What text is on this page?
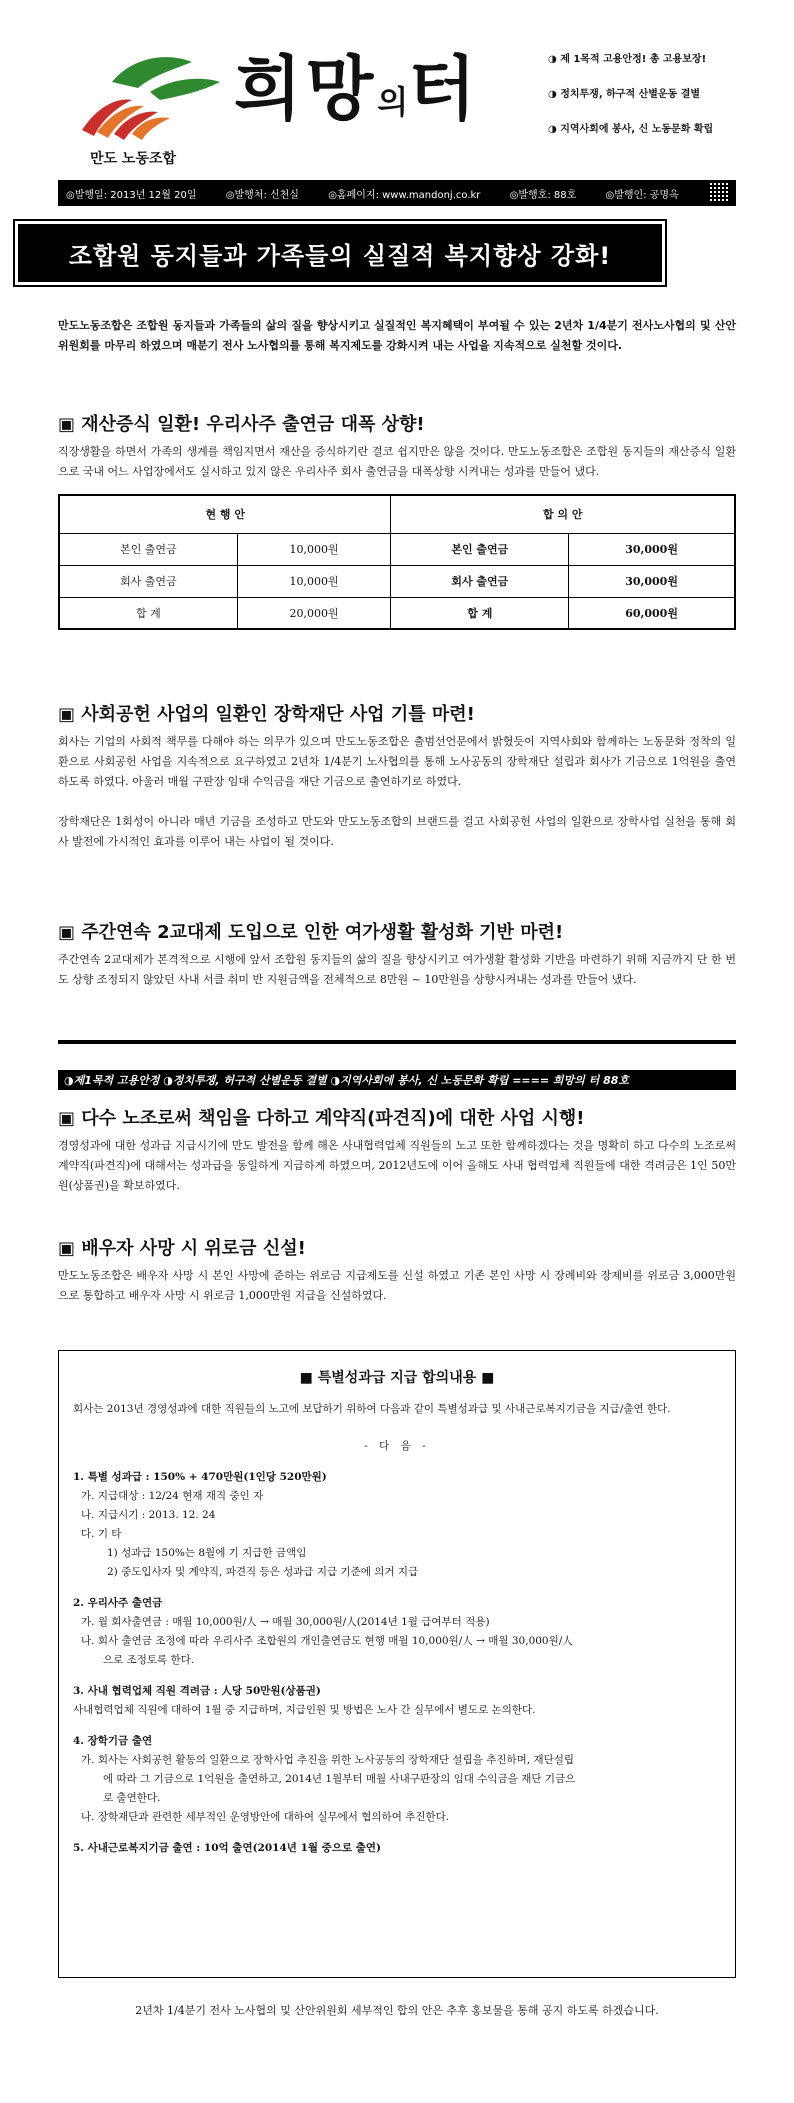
만도 노동조합
희망의터	◑ 제 1목적 고용안정! 총 고용보장!
◑ 정치투쟁, 하구적 산별운동 결별
◑ 지역사회에 봉사, 신 노동문화 확립
◎발행일: 2013년 12월 20일	◎발행처: 신천실	◎홈페이지: www.mandonj.co.kr	◎발행호: 88호	◎발행인: 공명옥
조합원 동지들과 가족들의 실질적 복지향상 강화!
만도노동조합은 조합원 동지들과 가족들의 삶의 질을 향상시키고 실질적인 복지혜택이 부여될 수 있는 2년차 1/4분기 전사노사협의 및 산안위원회를 마무리 하였으며 매분기 전사 노사협의를 통해 복지제도를 강화시켜 내는 사업을 지속적으로 실천할 것이다.
▣ 재산증식 일환! 우리사주 출연금 대폭 상향!
직장생활을 하면서 가족의 생계를 책임지면서 재산을 증식하기란 결코 쉽지만은 않을 것이다. 만도노동조합은 조합원 동지들의 재산증식 일환으로 국내 어느 사업장에서도 실시하고 있지 않은 우리사주 회사 출연금을 대폭상향 시켜내는 성과를 만들어 냈다.
현 행 안		합 의 안	
본인 출연금	10,000원	본인 출연금	30,000원
회사 출연금	10,000원	회사 출연금	30,000원
합 계	20,000원	합 계	60,000원
▣ 사회공헌 사업의 일환인 장학재단 사업 기틀 마련!
회사는 기업의 사회적 책무를 다해야 하는 의무가 있으며 만도노동조합은 출범선언문에서 밝혔듯이 지역사회와 함께하는 노동문화 정착의 일환으로 사회공헌 사업을 지속적으로 요구하였고 2년차 1/4분기 노사협의를 통해 노사공동의 장학재단 설립과 회사가 기금으로 1억원을 출연하도록 하였다. 아울러 매월 구판장 임대 수익금을 재단 기금으로 출연하기로 하였다.
장학재단은 1회성이 아니라 매년 기금을 조성하고 만도와 만도노동조합의 브랜드를 걸고 사회공헌 사업의 일환으로 장학사업 실천을 통해 회사 발전에 가시적인 효과를 이루어 내는 사업이 될 것이다.
▣ 주간연속 2교대제 도입으로 인한 여가생활 활성화 기반 마련!
주간연속 2교대제가 본격적으로 시행에 앞서 조합원 동지들의 삶의 질을 향상시키고 여가생활 활성화 기반을 마련하기 위해 지금까지 단 한 번도 상향 조정되지 않았던 사내 서클 취미 반 지원금액을 전체적으로 8만원 ~ 10만원을 상향시켜내는 성과를 만들어 냈다.
◑제1목적 고용안정 ◑정치투쟁, 허구적 산별운동 결별 ◑지역사회에 봉사, 신 노동문화 확립 ==== 희망의 터 88호
▣ 다수 노조로써 책임을 다하고 계약직(파견직)에 대한 사업 시행!
경영성과에 대한 성과급 지급시기에 만도 발전을 함께 해온 사내협력업체 직원들의 노고 또한 함께하겠다는 것을 명확히 하고 다수의 노조로써 계약직(파견직)에 대해서는 성과급을 동일하게 지급하게 하였으며, 2012년도에 이어 올해도 사내 협력업체 직원들에 대한 격려금은 1인 50만원(상품권)을 확보하였다.
▣ 배우자 사망 시 위로금 신설!
만도노동조합은 배우자 사망 시 본인 사망에 준하는 위로금 지급제도를 신설 하였고 기존 본인 사망 시 장례비와 장제비를 위로금 3,000만원으로 통합하고 배우자 사망 시 위로금 1,000만원 지급을 신설하였다.
■ 특별성과급 지급 합의내용 ■
회사는 2013년 경영성과에 대한 직원들의 노고에 보답하기 위하여 다음과 같이 특별성과급 및 사내근로복지기금을 지급/출연 한다.
- 다 음 -
1. 특별 성과급 : 150% + 470만원(1인당 520만원)
가. 지급대상 : 12/24 현재 재직 중인 자
나. 지급시기 : 2013. 12. 24
다. 기 타
1) 성과급 150%는 8월에 기 지급한 금액임
2) 중도입사자 및 계약직, 파견직 등은 성과급 지급 기준에 의거 지급
2. 우리사주 출연금
가. 월 회사출연금 : 매월 10,000원/人 → 매월 30,000원/人(2014년 1월 급여부터 적용)
나. 회사 출연금 조정에 따라 우리사주 조합원의 개인출연금도 현행 매월 10,000원/人 → 매월 30,000원/人
으로 조정토록 한다.
3. 사내 협력업체 직원 격려금 : 人당 50만원(상품권)
사내협력업체 직원에 대하여 1월 중 지급하며, 지급인원 및 방법은 노사 간 실무에서 별도로 논의한다.
4. 장학기금 출연
가. 회사는 사회공헌 활동의 일환으로 장학사업 추진을 위한 노사공동의 장학재단 설립을 추진하며, 재단설립
에 따라 그 기금으로 1억원을 출연하고, 2014년 1월부터 매월 사내구판장의 임대 수익금을 재단 기금으
로 출연한다.
나. 장학재단과 관련한 세부적인 운영방안에 대하여 실무에서 협의하여 추진한다.
5. 사내근로복지기금 출연 : 10억 출연(2014년 1월 중으로 출연)
2년차 1/4분기 전사 노사협의 및 산안위원회 세부적인 합의 안은 추후 홍보물을 통해 공지 하도록 하겠습니다.
